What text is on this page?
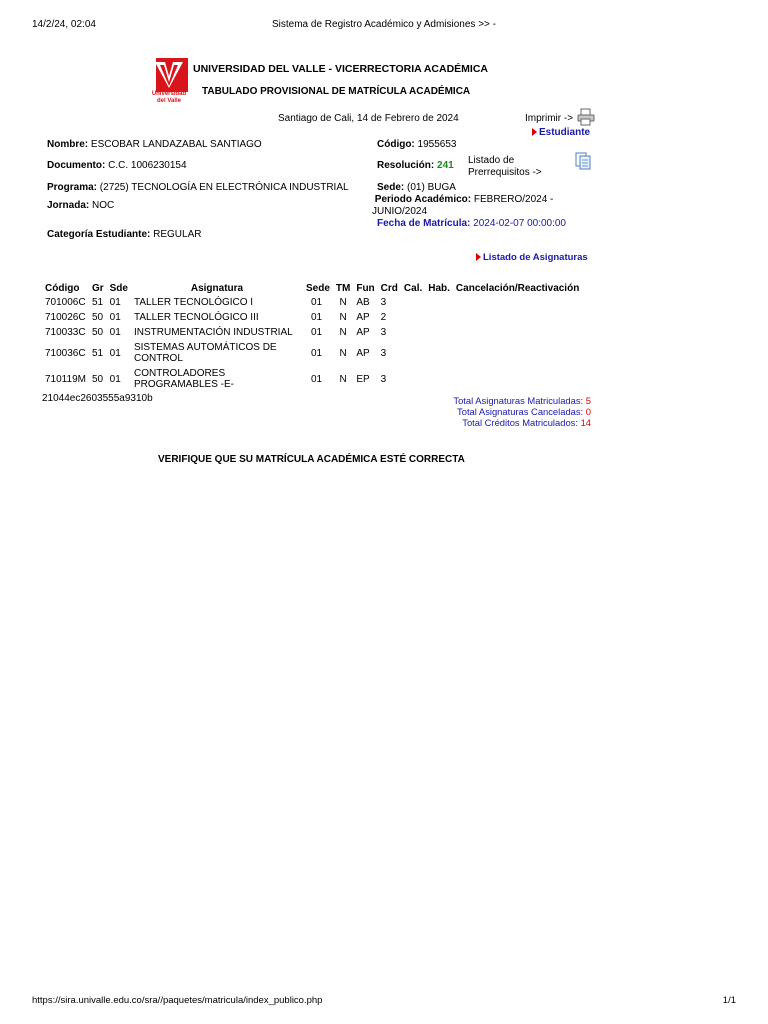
14/2/24, 02:04	Sistema de Registro Académico y Admisiones >> -
https://sira.univalle.edu.co/sra//paquetes/matricula/index_publico.php	1/1
Universidad del Valle
UNIVERSIDAD DEL VALLE - VICERRECTORIA ACADÉMICA
TABULADO PROVISIONAL DE MATRÍCULA ACADÉMICA
Santiago de Cali, 14 de Febrero de 2024	Imprimir ->
Estudiante
Nombre: ESCOBAR LANDAZABAL SANTIAGO	Código: 1955653
Documento: C.C. 1006230154	Resolución: 241 Listado de Prerrequisitos ->
Programa: (2725) TECNOLOGÍA EN ELECTRÓNICA INDUSTRIAL	Sede: (01) BUGA
Jornada: NOC
Periodo Académico: FEBRERO/2024 - JUNIO/2024
Fecha de Matrícula: 2024-02-07 00:00:00
Categoría Estudiante: REGULAR
Listado de Asignaturas
Código	Gr	Sde	Asignatura	Sede	TM	Fun	Crd	Cal.	Hab.	Cancelación/Reactivación
701006C	51	01	TALLER TECNOLÓGICO I	01	N	AB	3			
710026C	50	01	TALLER TECNOLÓGICO III	01	N	AP	2			
710033C	50	01	INSTRUMENTACIÓN INDUSTRIAL	01	N	AP	3			
710036C	51	01	SISTEMAS AUTOMÁTICOS DE CONTROL	01	N	AP	3			
710119M	50	01	CONTROLADORES PROGRAMABLES -E-	01	N	EP	3			
21044ec2603555a9310b	Total Asignaturas Matriculadas: 5
Total Asignaturas Canceladas: 0
Total Créditos Matriculados: 14
VERIFIQUE QUE SU MATRÍCULA ACADÉMICA ESTÉ CORRECTA
